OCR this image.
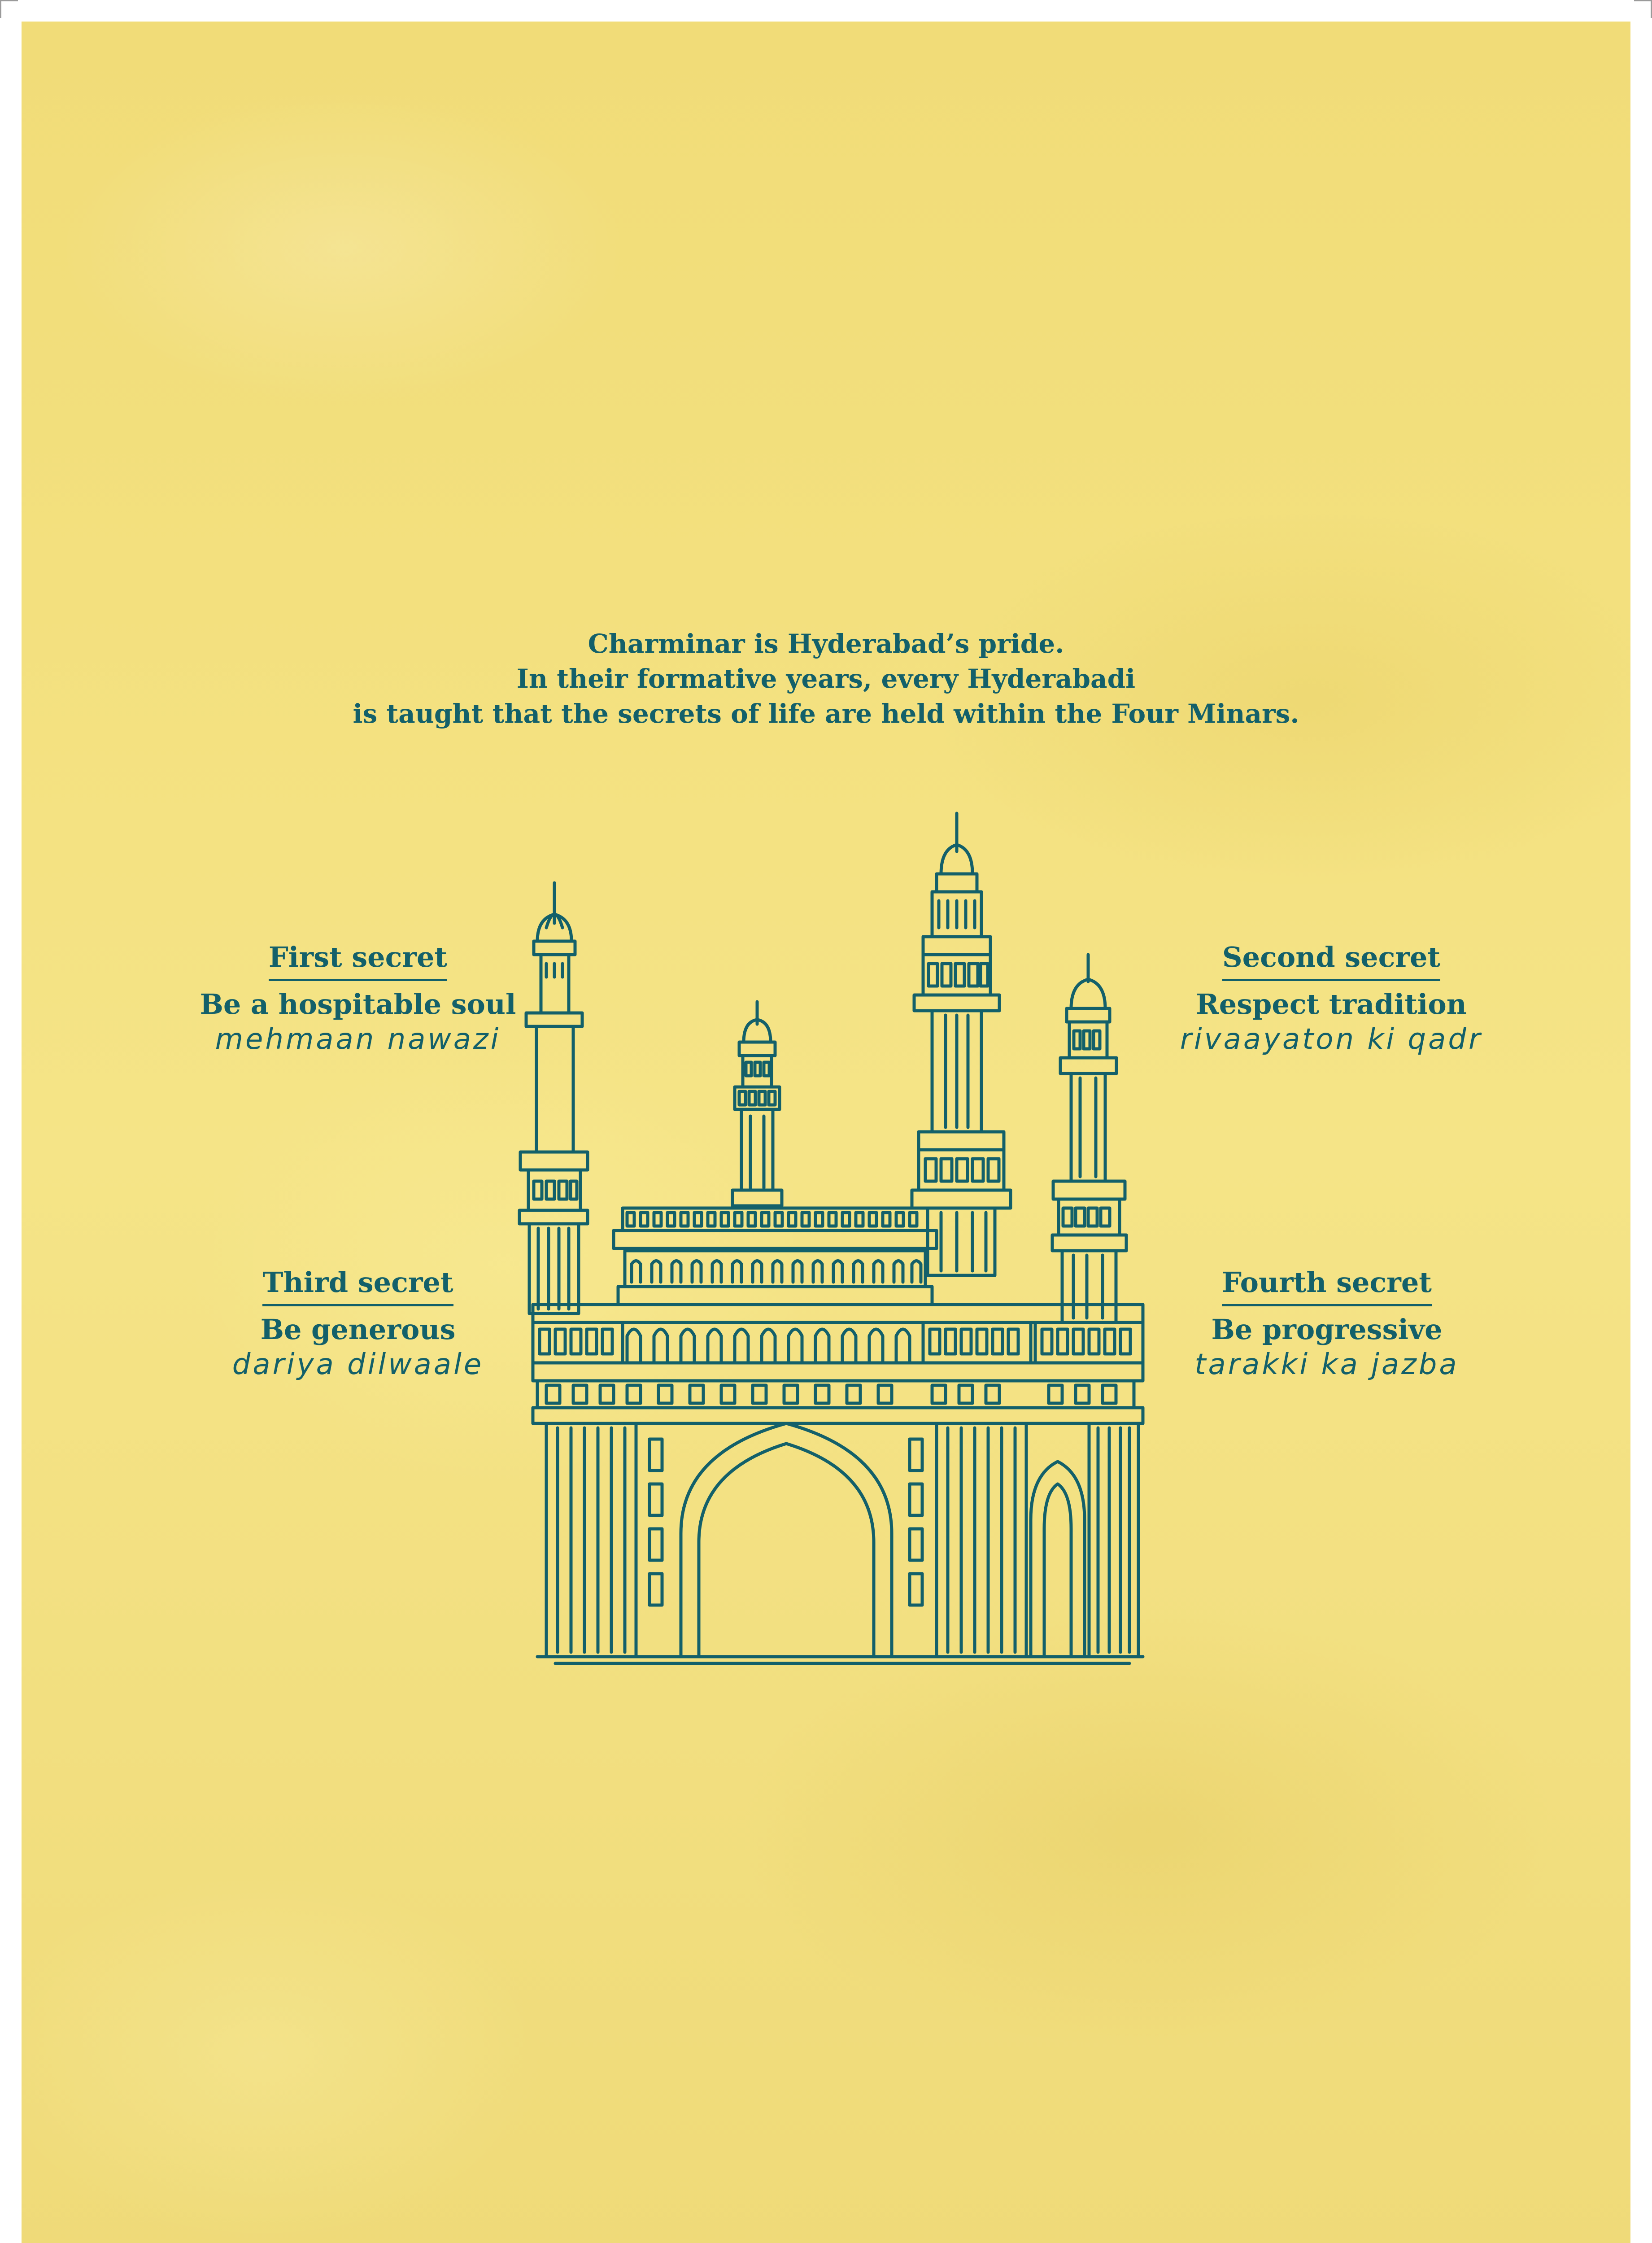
Charminar is Hyderabad’s pride.
In their formative years, every Hyderabadi
is taught that the secrets of life are held within the Four Minars.
First secret
Be a hospitable soul
mehmaan nawazi
Second secret
Respect tradition
rivaayaton ki qadr
Third secret
Be generous
dariya dilwaale
Fourth secret
Be progressive
tarakki ka jazba
